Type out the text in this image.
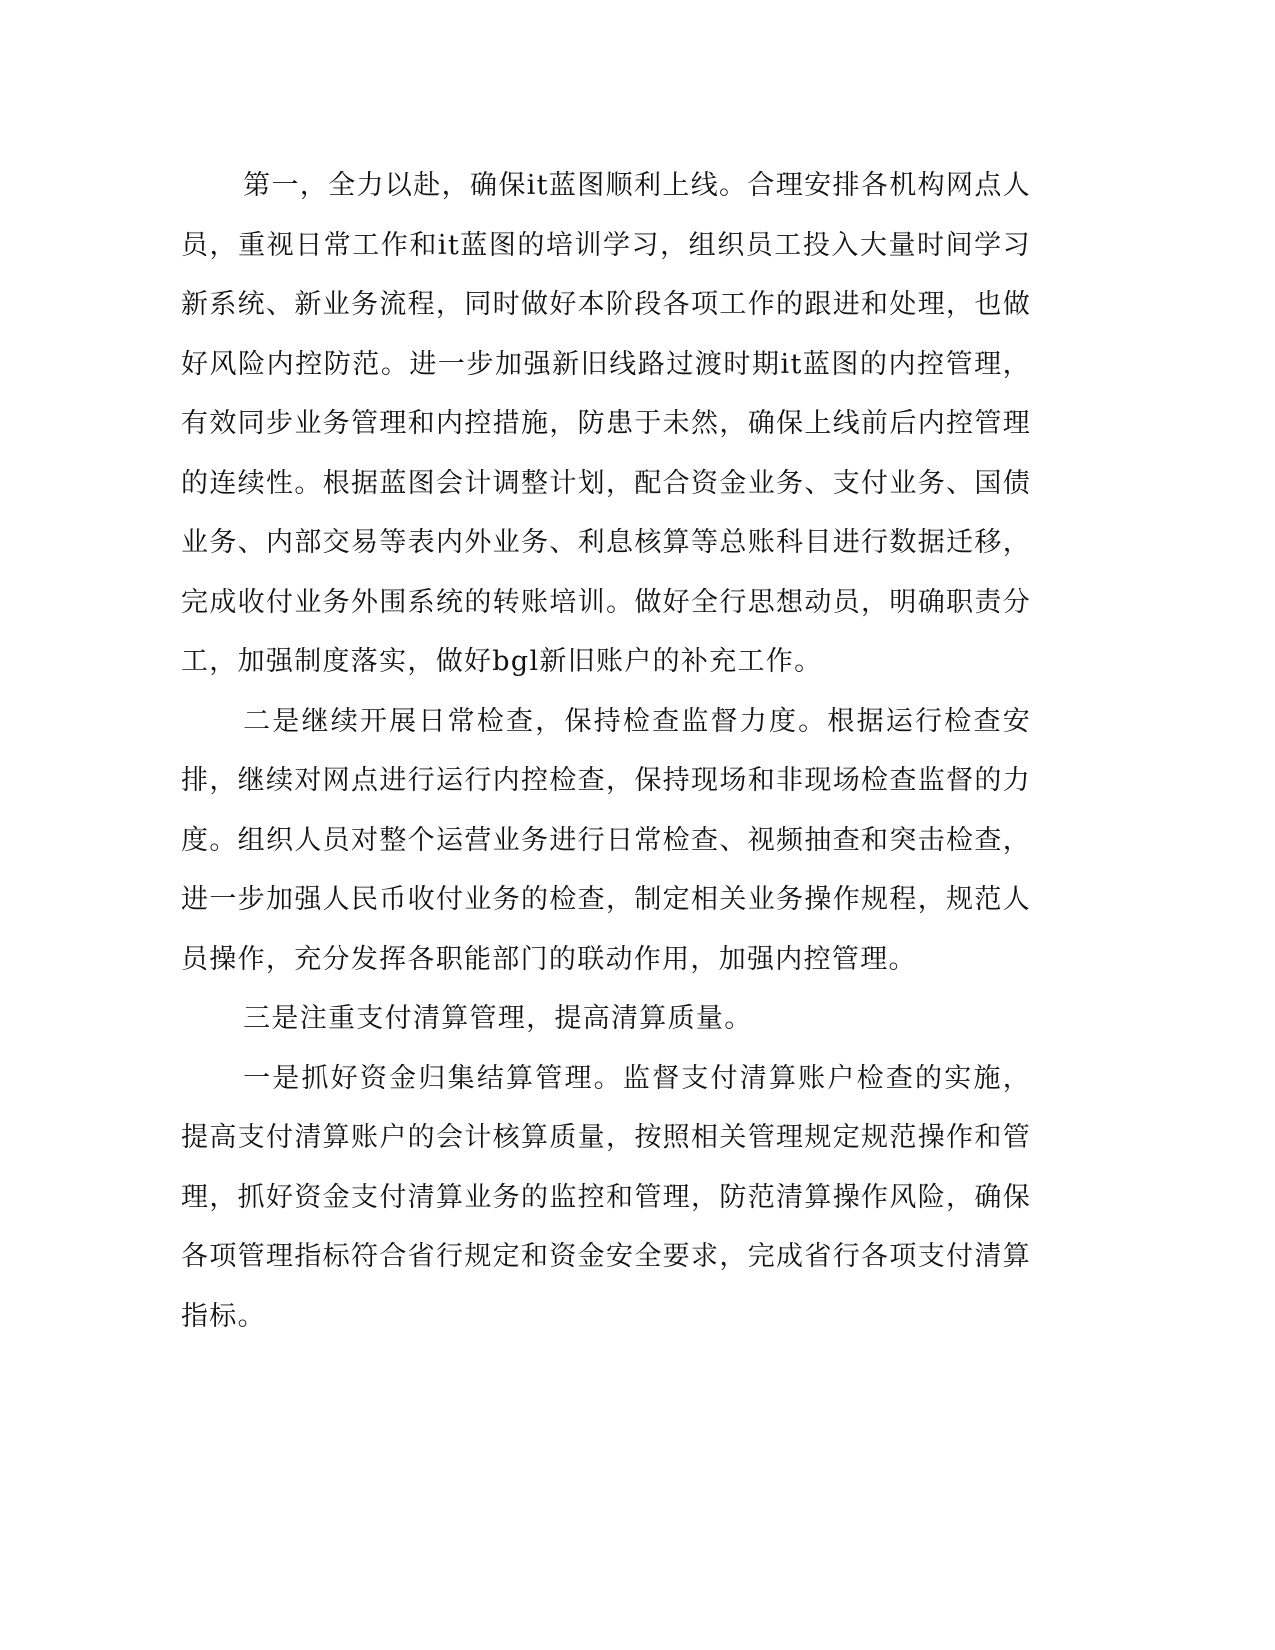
第一，全力以赴，确保it蓝图顺利上线。合理安排各机构网点人员，重视日常工作和it蓝图的培训学习，组织员工投入大量时间学习新系统、新业务流程，同时做好本阶段各项工作的跟进和处理，也做好风险内控防范。进一步加强新旧线路过渡时期it蓝图的内控管理，有效同步业务管理和内控措施，防患于未然，确保上线前后内控管理的连续性。根据蓝图会计调整计划，配合资金业务、支付业务、国债业务、内部交易等表内外业务、利息核算等总账科目进行数据迁移，完成收付业务外围系统的转账培训。做好全行思想动员，明确职责分工，加强制度落实，做好bgl新旧账户的补充工作。

二是继续开展日常检查，保持检查监督力度。根据运行检查安排，继续对网点进行运行内控检查，保持现场和非现场检查监督的力度。组织人员对整个运营业务进行日常检查、视频抽查和突击检查，进一步加强人民币收付业务的检查，制定相关业务操作规程，规范人员操作，充分发挥各职能部门的联动作用，加强内控管理。

三是注重支付清算管理，提高清算质量。

一是抓好资金归集结算管理。监督支付清算账户检查的实施，提高支付清算账户的会计核算质量，按照相关管理规定规范操作和管理，抓好资金支付清算业务的监控和管理，防范清算操作风险，确保各项管理指标符合省行规定和资金安全要求，完成省行各项支付清算指标。
